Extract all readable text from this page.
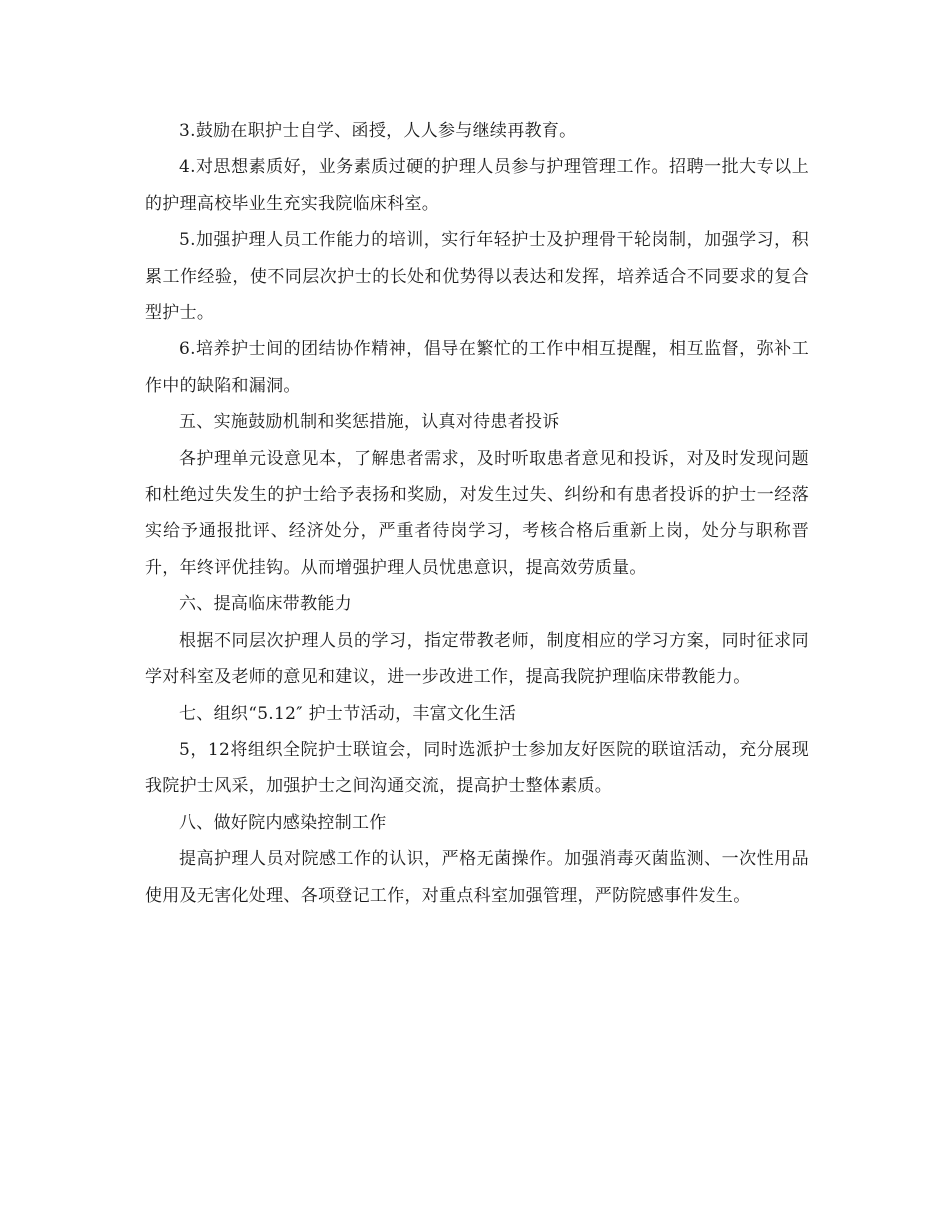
3.鼓励在职护士自学、函授，人人参与继续再教育。

4.对思想素质好，业务素质过硬的护理人员参与护理管理工作。招聘一批大专以上的护理高校毕业生充实我院临床科室。

5.加强护理人员工作能力的培训，实行年轻护士及护理骨干轮岗制，加强学习，积累工作经验，使不同层次护士的长处和优势得以表达和发挥，培养适合不同要求的复合型护士。

6.培养护士间的团结协作精神，倡导在繁忙的工作中相互提醒，相互监督，弥补工作中的缺陷和漏洞。

五、实施鼓励机制和奖惩措施，认真对待患者投诉

各护理单元设意见本，了解患者需求，及时听取患者意见和投诉，对及时发现问题和杜绝过失发生的护士给予表扬和奖励，对发生过失、纠纷和有患者投诉的护士一经落实给予通报批评、经济处分，严重者待岗学习，考核合格后重新上岗，处分与职称晋升，年终评优挂钩。从而增强护理人员忧患意识，提高效劳质量。

六、提高临床带教能力

根据不同层次护理人员的学习，指定带教老师，制度相应的学习方案，同时征求同学对科室及老师的意见和建议，进一步改进工作，提高我院护理临床带教能力。

七、组织“5.12″ 护士节活动，丰富文化生活

5，12将组织全院护士联谊会，同时选派护士参加友好医院的联谊活动，充分展现我院护士风采，加强护士之间沟通交流，提高护士整体素质。

八、做好院内感染控制工作

提高护理人员对院感工作的认识，严格无菌操作。加强消毒灭菌监测、一次性用品使用及无害化处理、各项登记工作，对重点科室加强管理，严防院感事件发生。
